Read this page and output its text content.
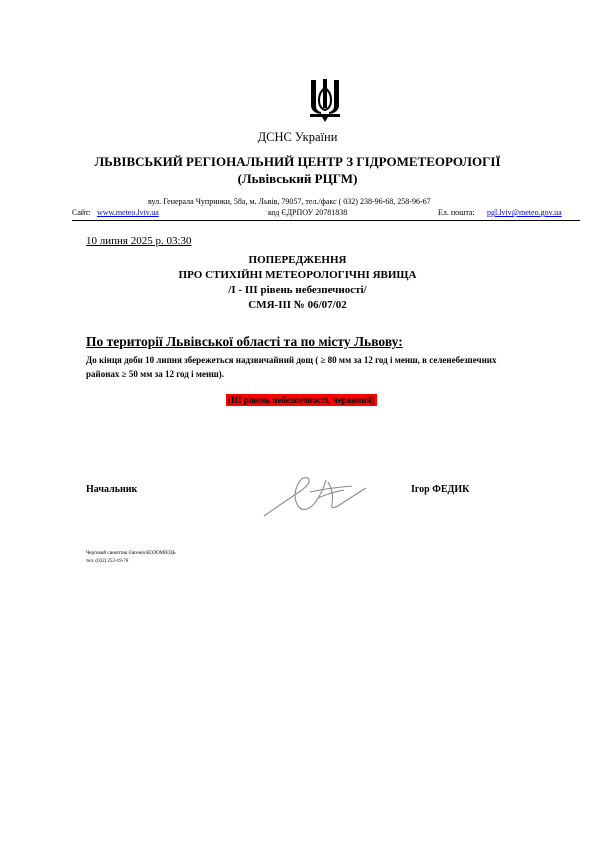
ДСНС України
ЛЬВІВСЬКИЙ РЕГІОНАЛЬНИЙ ЦЕНТР З ГІДРОМЕТЕОРОЛОГІЇ
(Львівський РЦГМ)
вул. Генерала Чупринки, 58а, м. Львів, 79057, тел./факс ( 032) 238-96-68, 258-96-67
Сайт: www.meteo.lviv.ua	код ЄДРПОУ 20781838	Ел. пошта: pgl.lviv@meteo.gov.ua
10 липня 2025 р. 03:30
ПОПЕРЕДЖЕННЯ
ПРО СТИХІЙНІ МЕТЕОРОЛОГІЧНІ ЯВИЩА
/І - ІІІ рівень небезпечності/
СМЯ-ІІІ № 06/07/02
По території Львівської області та по місту Львову:
До кінця доби 10 липня збережеться надзвичайний дощ ( ≥ 80 мм за 12 год і менш, в селенебезпечних районах ≥ 50 мм за 12 год і менш).
(ІІІ рівень небезпечності, червоний)
Начальник	Ігор ФЕДИК
Черговий синоптик Євгенія КОЛОМІЄЦЬ
тел. (032) 253-19-76
